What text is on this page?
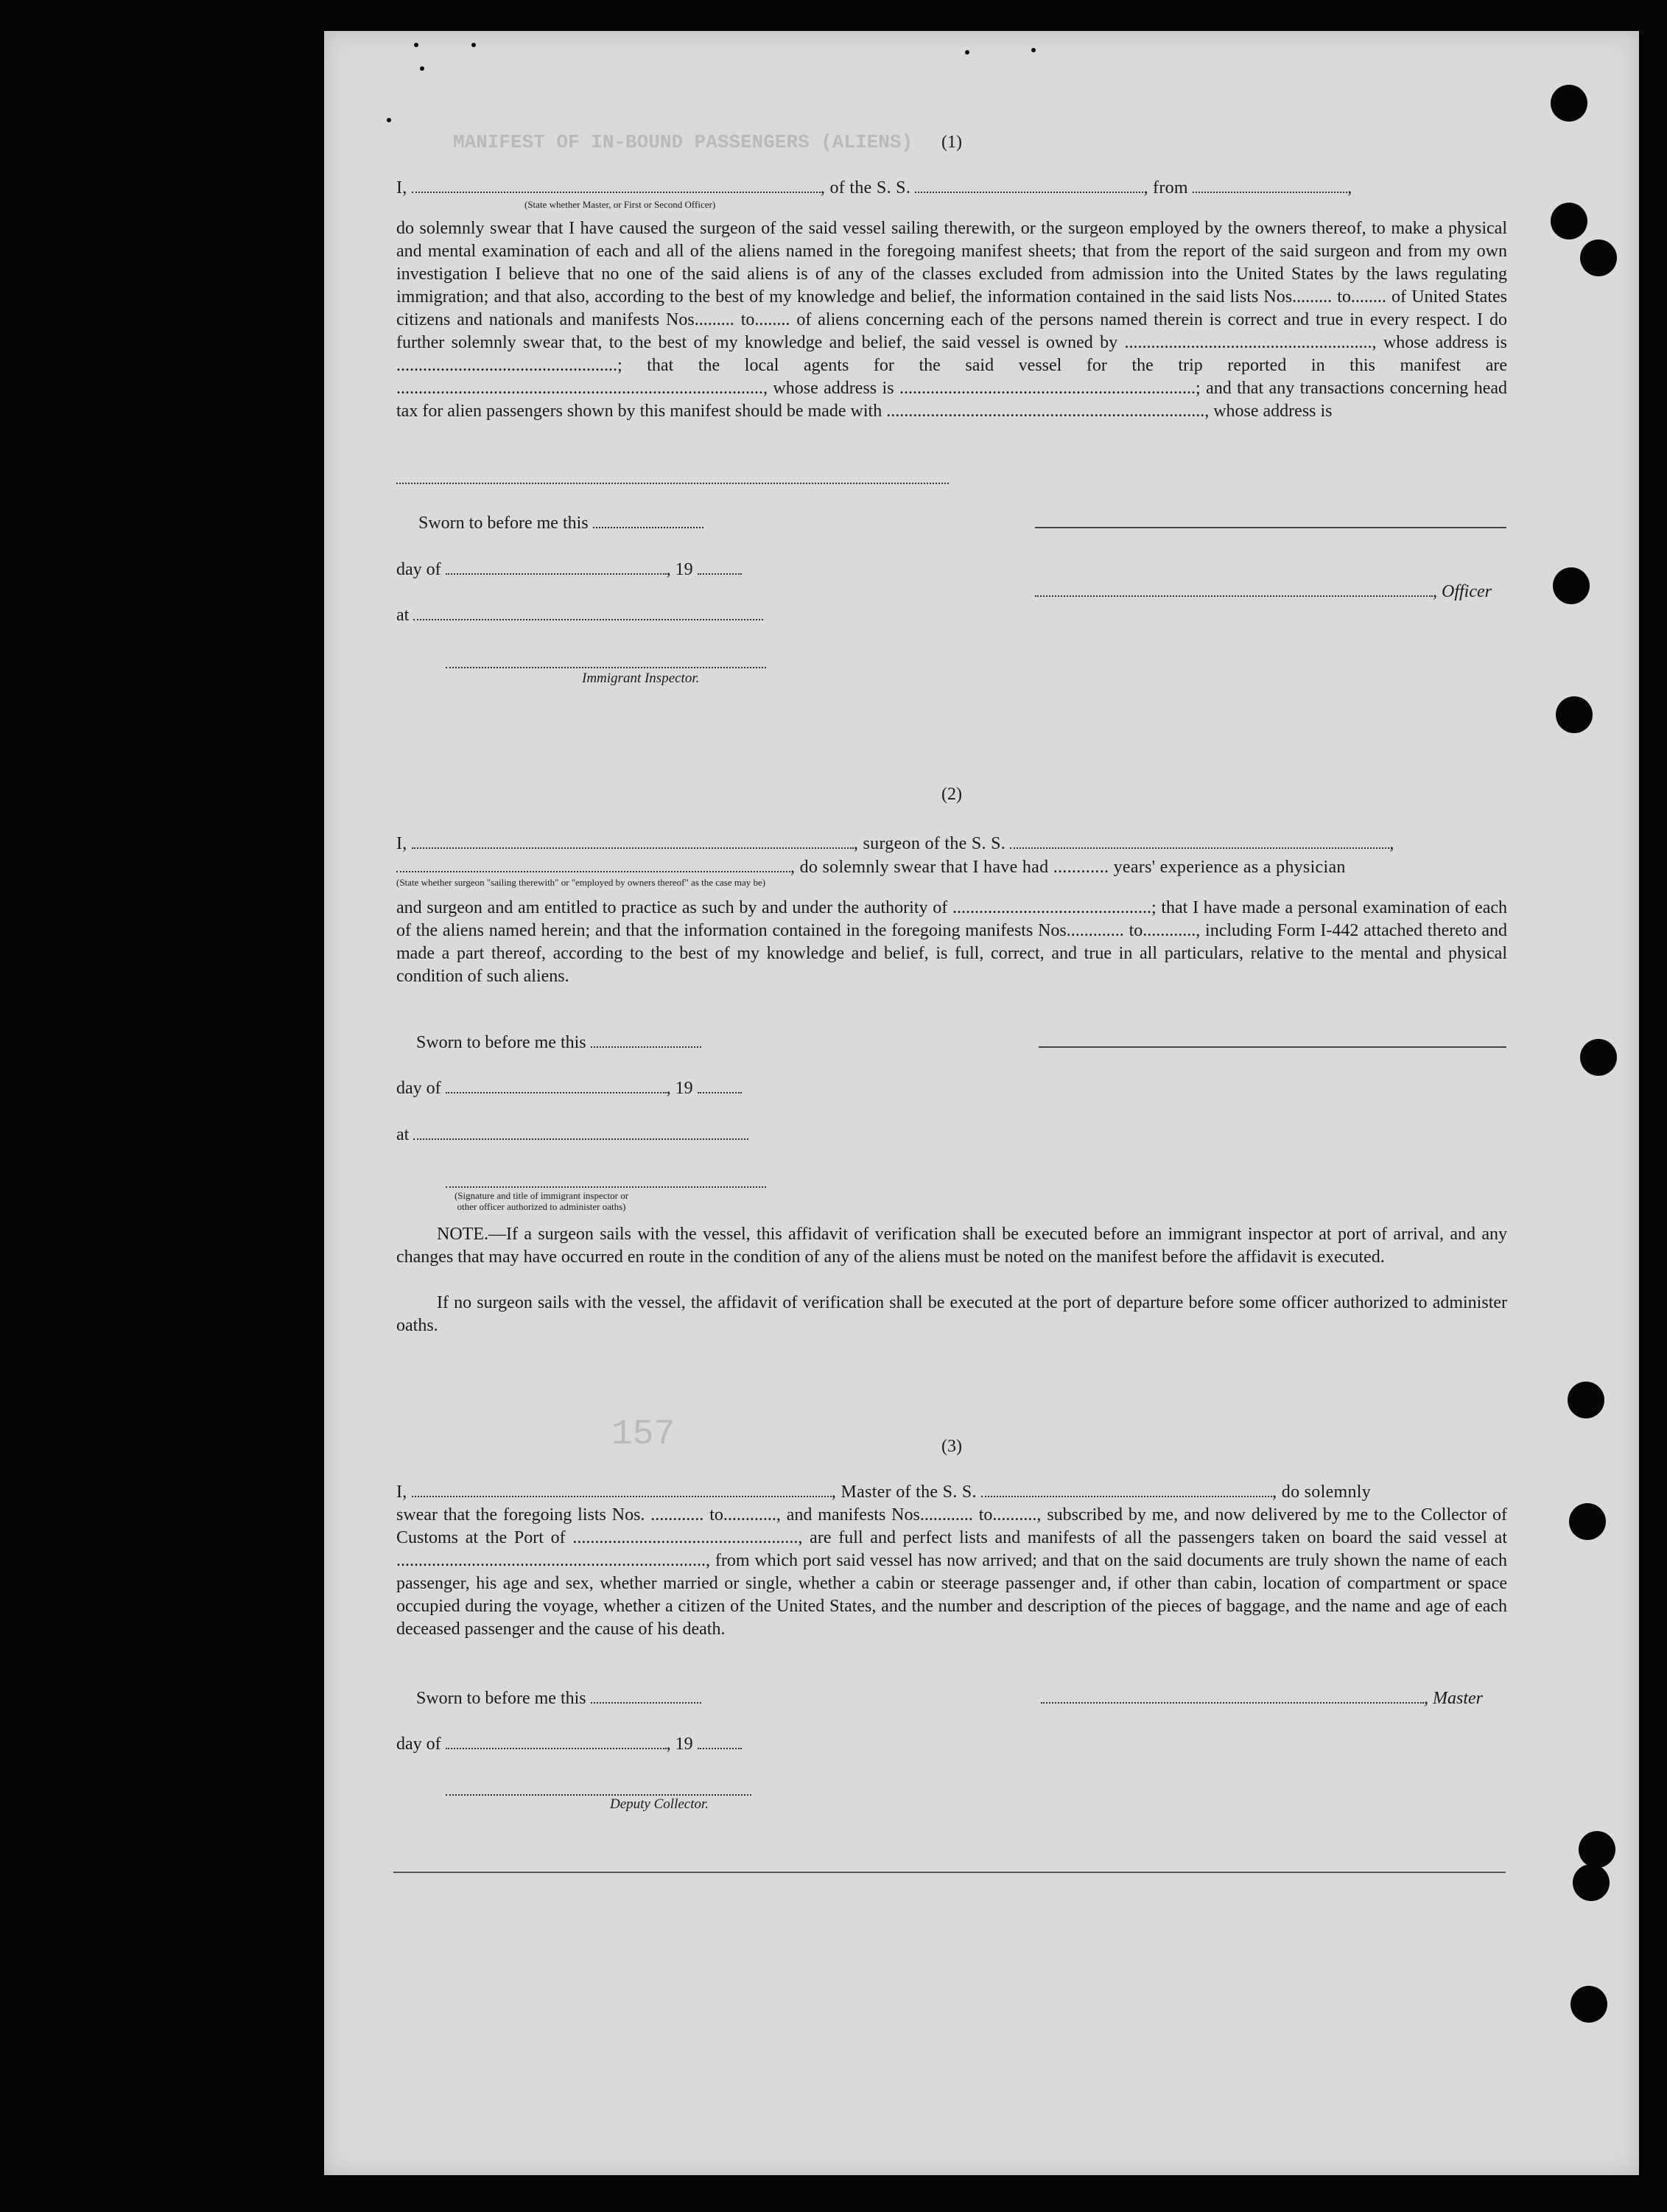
MANIFEST OF IN-BOUND PASSENGERS (ALIENS)
157
(1)
I,	, of the S. S.	, from	,
(State whether Master, or First or Second Officer)
do solemnly swear that I have caused the surgeon of the said vessel sailing therewith, or the surgeon employed by the owners thereof, to make a physical and mental examination of each and all of the aliens named in the foregoing manifest sheets; that from the report of the said surgeon and from my own investigation I believe that no one of the said aliens is of any of the classes excluded from admission into the United States by the laws regulating immigration; and that also, according to the best of my knowledge and belief, the information contained in the said lists Nos......... to........ of United States citizens and nationals and manifests Nos......... to........ of aliens concerning each of the persons named therein is correct and true in every respect. I do further solemnly swear that, to the best of my knowledge and belief, the said vessel is owned by ........................................................, whose address is ..................................................; that the local agents for the said vessel for the trip reported in this manifest are ..................................................................................., whose address is ...................................................................; and that any transactions concerning head tax for alien passengers shown by this manifest should be made with ........................................................................, whose address is
Sworn to before me this
day of	, 19
, Officer
at
Immigrant Inspector.
(2)
I,	, surgeon of the S. S.	,
, do solemnly swear that I have had ............ years' experience as a physician
(State whether surgeon "sailing therewith" or "employed by owners thereof" as the case may be)
and surgeon and am entitled to practice as such by and under the authority of .............................................; that I have made a personal examination of each of the aliens named herein; and that the information contained in the foregoing manifests Nos............. to............, including Form I-442 attached thereto and made a part thereof, according to the best of my knowledge and belief, is full, correct, and true in all particulars, relative to the mental and physical condition of such aliens.
Sworn to before me this
day of	, 19
at
(Signature and title of immigrant inspector or other officer authorized to administer oaths)
NOTE.—If a surgeon sails with the vessel, this affidavit of verification shall be executed before an immigrant inspector at port of arrival, and any changes that may have occurred en route in the condition of any of the aliens must be noted on the manifest before the affidavit is executed.
If no surgeon sails with the vessel, the affidavit of verification shall be executed at the port of departure before some officer authorized to administer oaths.
(3)
I,	, Master of the S. S.	, do solemnly
swear that the foregoing lists Nos. ............ to............, and manifests Nos............ to.........., subscribed by me, and now delivered by me to the Collector of Customs at the Port of ..................................................., are full and perfect lists and manifests of all the passengers taken on board the said vessel at ......................................................................, from which port said vessel has now arrived; and that on the said documents are truly shown the name of each passenger, his age and sex, whether married or single, whether a cabin or steerage passenger and, if other than cabin, location of compartment or space occupied during the voyage, whether a citizen of the United States, and the number and description of the pieces of baggage, and the name and age of each deceased passenger and the cause of his death.
Sworn to before me this	, Master
day of	, 19
Deputy Collector.
